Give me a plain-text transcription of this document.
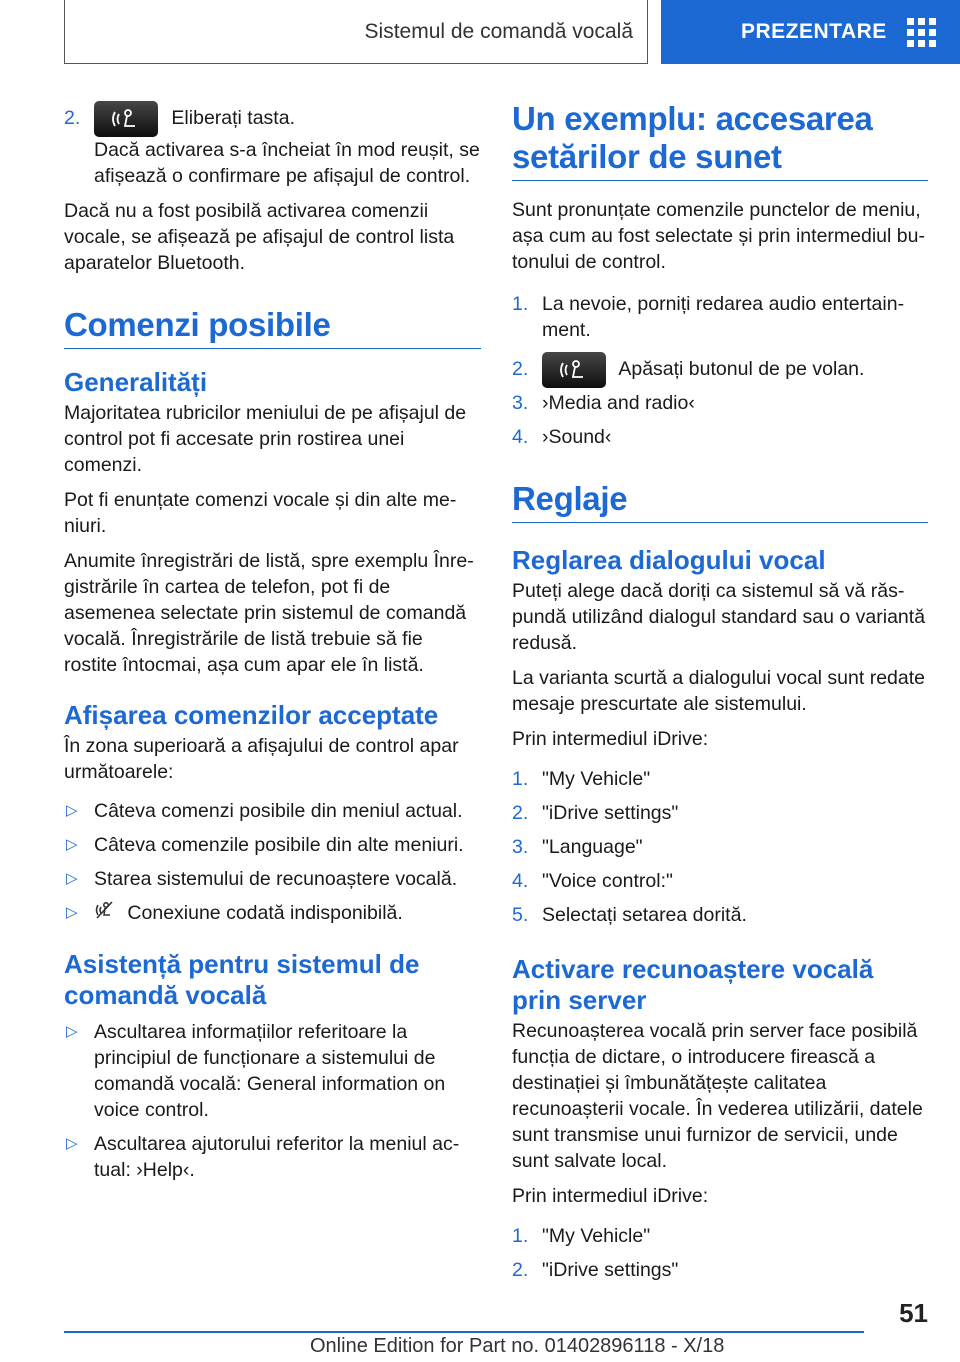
Sistemul de comandă vocală	PREZENTARE
2.	Eliberați tasta.

Dacă activarea s-a încheiat în mod reușit, se afișează o confirmare pe afișajul de control.

Dacă nu a fost posibilă activarea comenzii vocale, se afișează pe afișajul de control lista aparatelor Bluetooth.

Comenzi posibile
Generalități

Majoritatea rubricilor meniului de pe afișajul de control pot fi accesate prin rostirea unei comenzi.

Pot fi enunțate comenzi vocale și din alte meniuri.

Anumite înregistrări de listă, spre exemplu Înregistrările în cartea de telefon, pot fi de asemenea selectate prin sistemul de comandă vocală. Înregistrările de listă trebuie să fie rostite întocmai, așa cum apar ele în listă.

Afișarea comenzilor acceptate

În zona superioară a afișajului de control apar următoarele:

▷ Câteva comenzi posibile din meniul actual.
▷ Câteva comenzile posibile din alte meniuri.
▷ Starea sistemului de recunoaștere vocală.
▷	Conexiune codată indisponibilă.
Asistență pentru sistemul de comandă vocală
▷ Ascultarea informațiilor referitoare la principiul de funcționare a sistemului de comandă vocală: General information on voice control.
▷ Ascultarea ajutorului referitor la meniul actual: ›Help‹.
Un exemplu: accesarea setărilor de sunet

Sunt pronunțate comenzile punctelor de meniu, așa cum au fost selectate și prin intermediul butonului de control.

1. La nevoie, porniți redarea audio entertainment.
2.	Apăsați butonul de pe volan.
3. ›Media and radio‹
4. ›Sound‹
Reglaje
Reglarea dialogului vocal

Puteți alege dacă doriți ca sistemul să vă răspundă utilizând dialogul standard sau o variantă redusă.

La varianta scurtă a dialogului vocal sunt redate mesaje prescurtate ale sistemului.

Prin intermediul iDrive:

1. "My Vehicle"
2. "iDrive settings"
3. "Language"
4. "Voice control:"
5. Selectați setarea dorită.
Activare recunoaștere vocală prin server

Recunoașterea vocală prin server face posibilă funcția de dictare, o introducere firească a destinației și îmbunătățește calitatea recunoașterii vocale. În vederea utilizării, datele sunt transmise unui furnizor de servicii, unde sunt salvate local.

Prin intermediul iDrive:

1. "My Vehicle"
2. "iDrive settings"
51
Online Edition for Part no. 01402896118 - X/18
